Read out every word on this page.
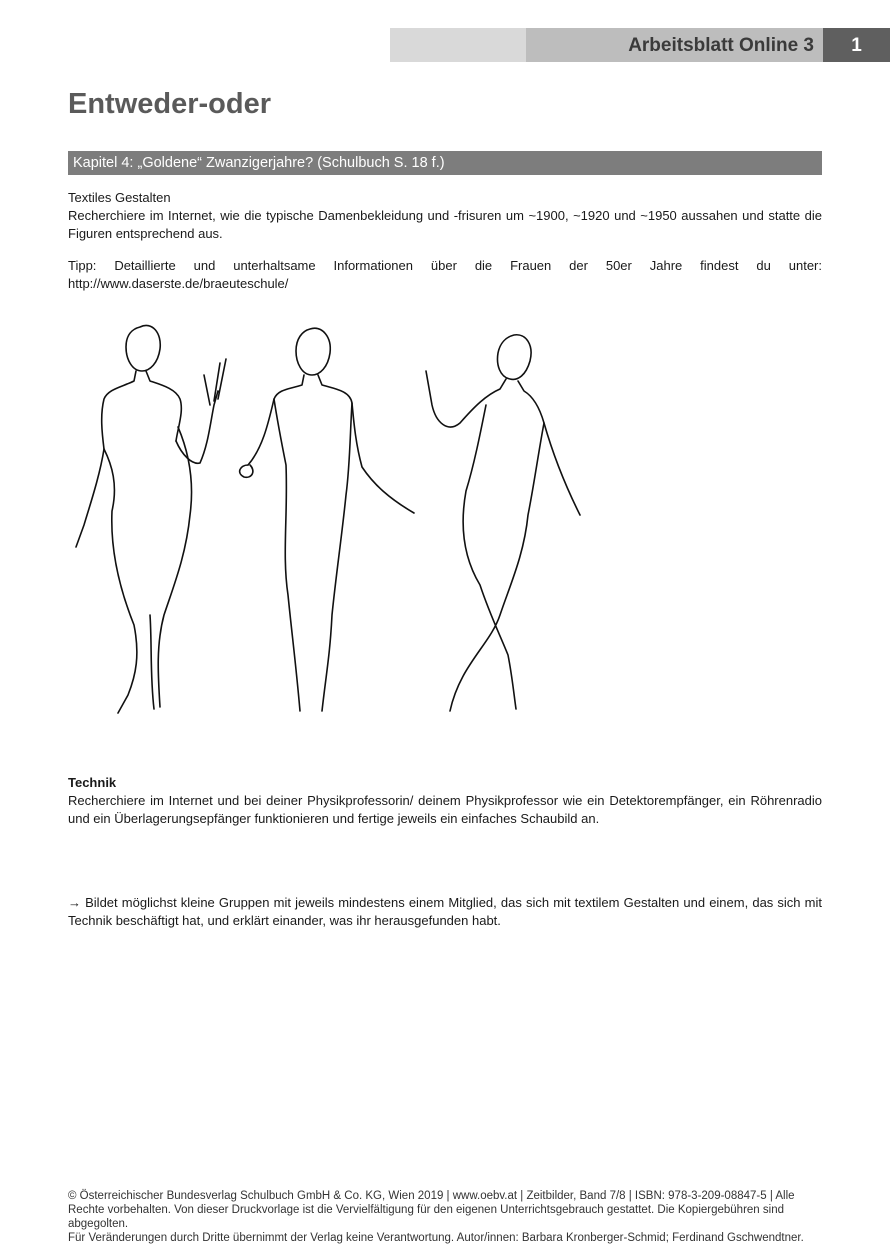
Arbeitsblatt Online 3	1
Entweder-oder
Kapitel 4: „Goldene“ Zwanzigerjahre? (Schulbuch S. 18 f.)

Textiles Gestalten

Recherchiere im Internet, wie die typische Damenbekleidung und -frisuren um ~1900, ~1920 und ~1950 aussahen und statte die Figuren entsprechend aus.

Tipp: Detaillierte und unterhaltsame Informationen über die Frauen der 50er Jahre findest du unter: http://www.daserste.de/braeuteschule/

Technik

Recherchiere im Internet und bei deiner Physikprofessorin/ deinem Physikprofessor wie ein Detektorempfänger, ein Röhrenradio und ein Überlagerungsepfänger funktionieren und fertige jeweils ein einfaches Schaubild an.

→ Bildet möglichst kleine Gruppen mit jeweils mindestens einem Mitglied, das sich mit textilem Gestalten und einem, das sich mit Technik beschäftigt hat, und erklärt einander, was ihr herausgefunden habt.

© Österreichischer Bundesverlag Schulbuch GmbH & Co. KG, Wien 2019 | www.oebv.at | Zeitbilder, Band 7/8 | ISBN: 978-3-209-08847-5 | Alle Rechte vorbehalten. Von dieser Druckvorlage ist die Vervielfältigung für den eigenen Unterrichtsgebrauch gestattet. Die Kopiergebühren sind abgegolten.

Für Veränderungen durch Dritte übernimmt der Verlag keine Verantwortung. Autor/innen: Barbara Kronberger-Schmid; Ferdinand Gschwendtner.
